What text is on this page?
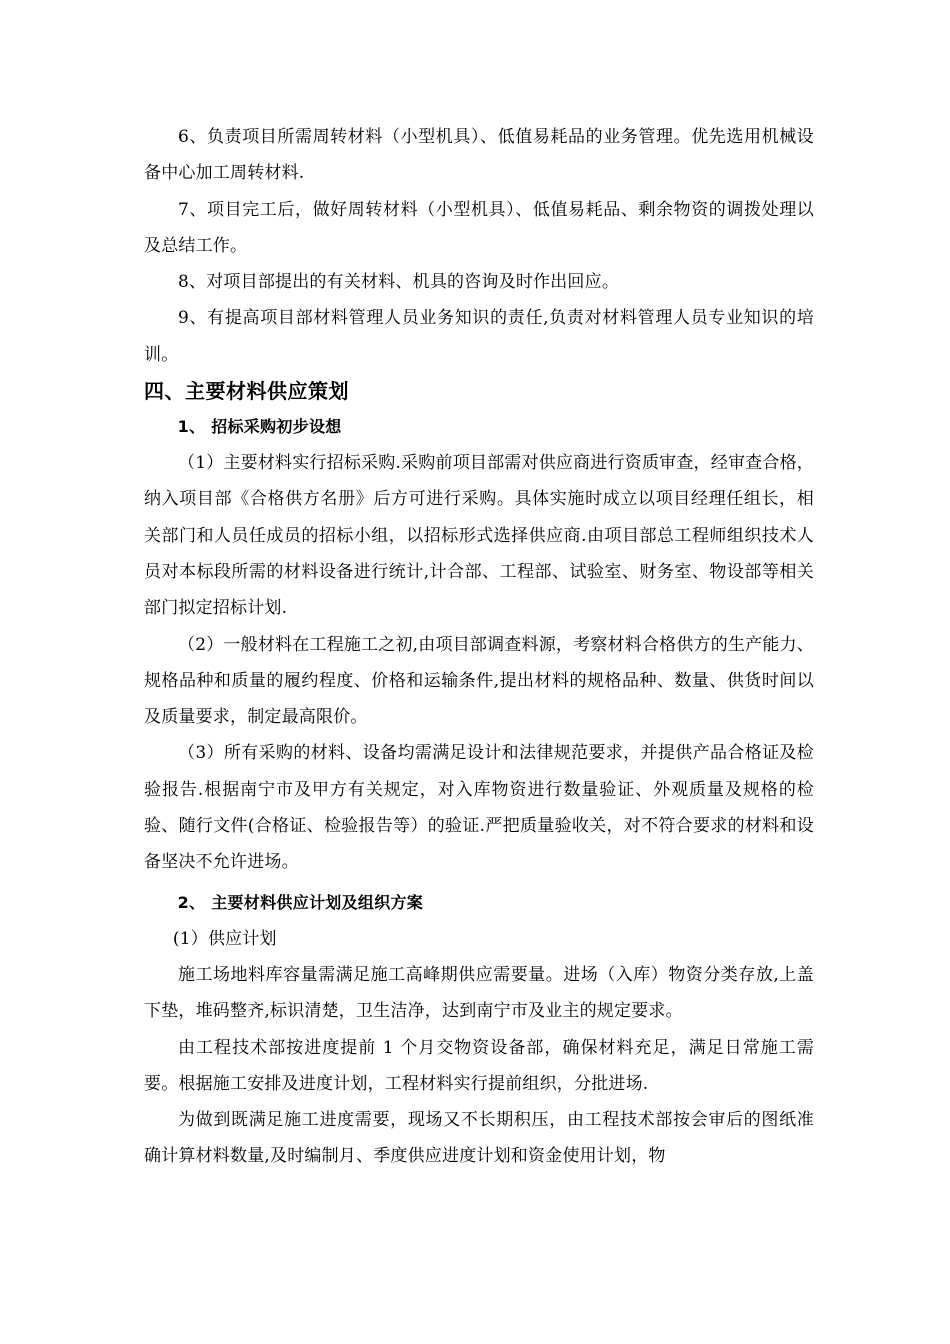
6、负责项目所需周转材料（小型机具）、低值易耗品的业务管理。优先选用机械设备中心加工周转材料.

7、项目完工后，做好周转材料（小型机具）、低值易耗品、剩余物资的调拨处理以及总结工作。

8、对项目部提出的有关材料、机具的咨询及时作出回应。

9、有提高项目部材料管理人员业务知识的责任,负责对材料管理人员专业知识的培训。

四、主要材料供应策划
1、 招标采购初步设想

（1）主要材料实行招标采购.采购前项目部需对供应商进行资质审查，经审查合格，纳入项目部《合格供方名册》后方可进行采购。具体实施时成立以项目经理任组长，相关部门和人员任成员的招标小组，以招标形式选择供应商.由项目部总工程师组织技术人员对本标段所需的材料设备进行统计,计合部、工程部、试验室、财务室、物设部等相关部门拟定招标计划.

（2）一般材料在工程施工之初,由项目部调查料源，考察材料合格供方的生产能力、规格品种和质量的履约程度、价格和运输条件,提出材料的规格品种、数量、供货时间以及质量要求，制定最高限价。

（3）所有采购的材料、设备均需满足设计和法律规范要求，并提供产品合格证及检验报告.根据南宁市及甲方有关规定，对入库物资进行数量验证、外观质量及规格的检验、随行文件(合格证、检验报告等）的验证.严把质量验收关，对不符合要求的材料和设备坚决不允许进场。

2、 主要材料供应计划及组织方案

(1）供应计划

施工场地料库容量需满足施工高峰期供应需要量。进场（入库）物资分类存放,上盖下垫，堆码整齐,标识清楚，卫生洁净，达到南宁市及业主的规定要求。

由工程技术部按进度提前 1 个月交物资设备部，确保材料充足，满足日常施工需要。根据施工安排及进度计划，工程材料实行提前组织，分批进场.

为做到既满足施工进度需要，现场又不长期积压，由工程技术部按会审后的图纸准确计算材料数量,及时编制月、季度供应进度计划和资金使用计划，物
